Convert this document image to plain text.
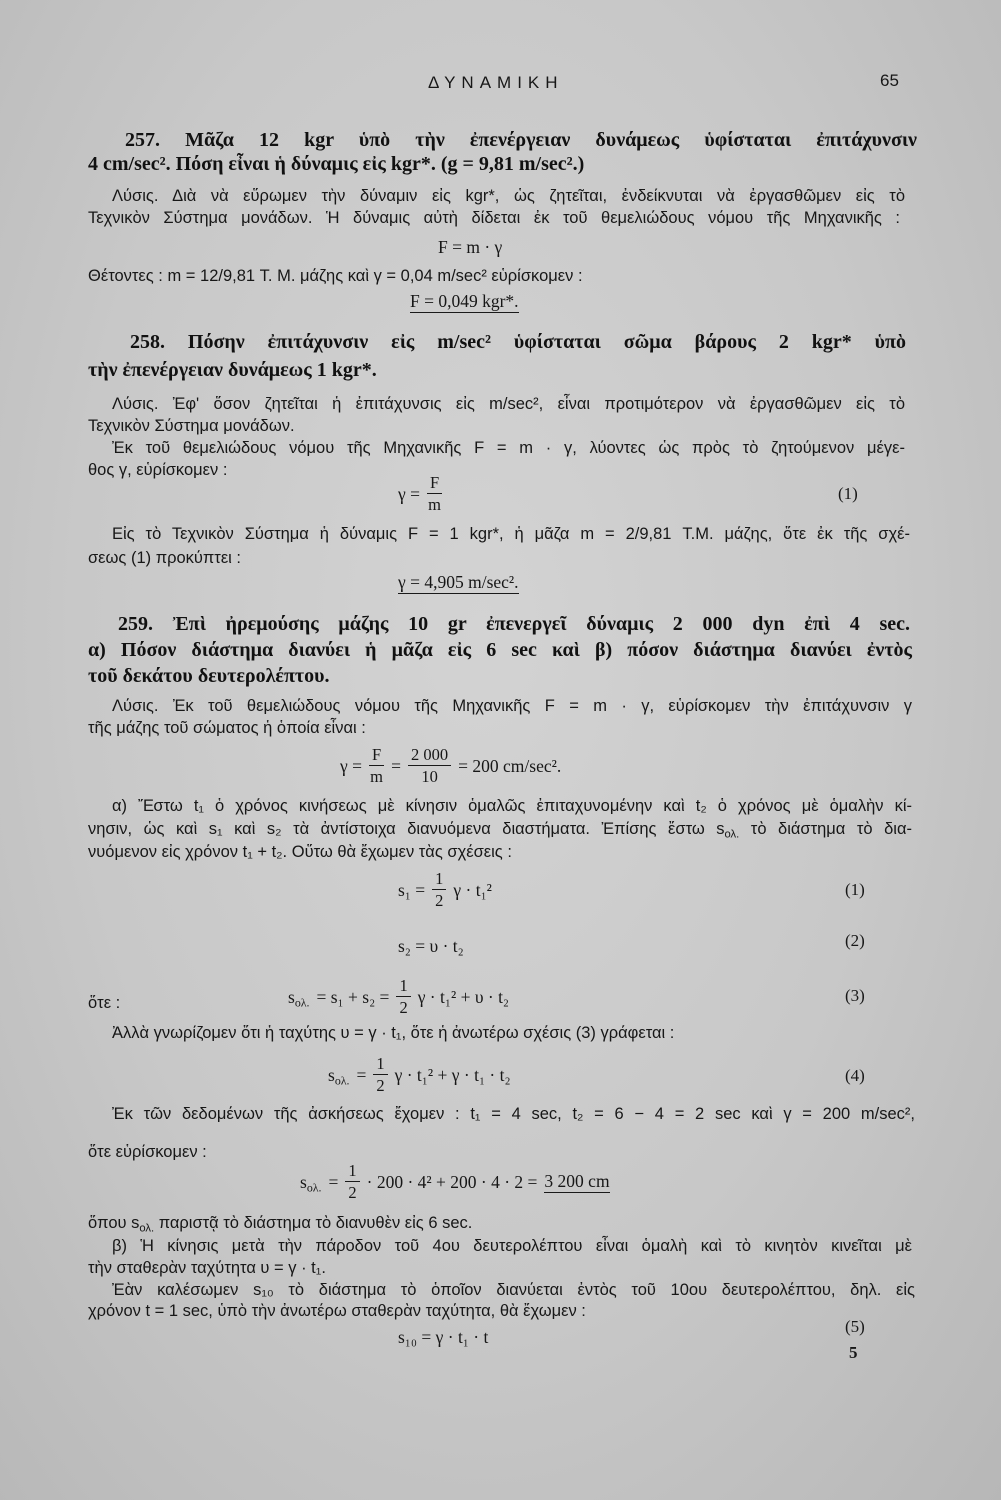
ΔΥΝΑΜΙΚΗ	65
257. Μᾶζα 12 kgr ὑπὸ τὴν ἐπενέργειαν δυνάμεως ὑφίσταται ἐπιτάχυνσιν
4 cm/sec². Πόση εἶναι ἡ δύναμις εἰς kgr*. (g = 9,81 m/sec².)
Λύσις. Διὰ νὰ εὕρωμεν τὴν δύναμιν εἰς kgr*, ὡς ζητεῖται, ἐνδείκνυται νὰ ἐργασθῶμεν εἰς τὸ
Τεχνικὸν Σύστημα μονάδων. Ἡ δύναμις αὐτὴ δίδεται ἐκ τοῦ θεμελιώδους νόμου τῆς Μηχανικῆς :
F = m · γ
Θέτοντες : m = 12/9,81 Τ. Μ. μάζης καὶ γ = 0,04 m/sec² εὑρίσκομεν :
F = 0,049 kgr*.
258. Πόσην ἐπιτάχυνσιν εἰς m/sec² ὑφίσταται σῶμα βάρους 2 kgr* ὑπὸ
τὴν ἐπενέργειαν δυνάμεως 1 kgr*.
Λύσις. Ἐφ' ὅσον ζητεῖται ἡ ἐπιτάχυνσις εἰς m/sec², εἶναι προτιμότερον νὰ ἐργασθῶμεν εἰς τὸ
Τεχνικὸν Σύστημα μονάδων.
Ἐκ τοῦ θεμελιώδους νόμου τῆς Μηχανικῆς F = m · γ, λύοντες ὡς πρὸς τὸ ζητούμενον μέγε-
θος γ, εὑρίσκομεν :
$\gamma = \frac{F}{m}$	(1)
Εἰς τὸ Τεχνικὸν Σύστημα ἡ δύναμις F = 1 kgr*, ἡ μᾶζα m = 2/9,81 Τ.Μ. μάζης, ὅτε ἐκ τῆς σχέ-
σεως (1) προκύπτει :
γ = 4,905 m/sec².
259. Ἐπὶ ἠρεμούσης μάζης 10 gr ἐπενεργεῖ δύναμις 2 000 dyn ἐπὶ 4 sec.
α) Πόσον διάστημα διανύει ἡ μᾶζα εἰς 6 sec καὶ β) πόσον διάστημα διανύει ἐντὸς
τοῦ δεκάτου δευτερολέπτου.
Λύσις. Ἐκ τοῦ θεμελιώδους νόμου τῆς Μηχανικῆς F = m · γ, εὑρίσκομεν τὴν ἐπιτάχυνσιν γ
τῆς μάζης τοῦ σώματος ἡ ὁποία εἶναι :
$\gamma = \frac{F}{m} = \frac{2 000}{10} = 200$ cm/sec².
α) Ἔστω t₁ ὁ χρόνος κινήσεως μὲ κίνησιν ὁμαλῶς ἐπιταχυνομένην καὶ t₂ ὁ χρόνος μὲ ὁμαλὴν κί-
νησιν, ὡς καὶ s₁ καὶ s₂ τὰ ἀντίστοιχα διανυόμενα διαστήματα. Ἐπίσης ἔστω $s_{o\lambda.}$ τὸ διάστημα τὸ δια-
νυόμενον εἰς χρόνον t₁ + t₂. Οὕτω θὰ ἔχωμεν τὰς σχέσεις :
$s_1 = \frac{1}{2}$ γ · t₁²	(1)
s₂ = υ · t₂	(2)
ὅτε :	$s_{o\lambda.} = s_1 + s_2 = \frac{1}{2}$ γ · t₁² + υ · t₂	(3)
Ἀλλὰ γνωρίζομεν ὅτι ἡ ταχύτης υ = γ · t₁, ὅτε ἡ ἀνωτέρω σχέσις (3) γράφεται :
$s_{o\lambda.} = \frac{1}{2}$ γ · t₁² + γ · t₁ · t₂	(4)
Ἐκ τῶν δεδομένων τῆς ἀσκήσεως ἔχομεν : t₁ = 4 sec, t₂ = 6 − 4 = 2 sec καὶ γ = 200 m/sec²,
ὅτε εὑρίσκομεν :
$s_{o\lambda.} = \frac{1}{2} \cdot 200 \cdot 4^2 + 200 \cdot 4 \cdot 2 = 3$ 200 cm
ὅπου $s_{o\lambda.}$ παριστᾷ τὸ διάστημα τὸ διανυθὲν εἰς 6 sec.
β) Ἡ κίνησις μετὰ τὴν πάροδον τοῦ 4ου δευτερολέπτου εἶναι ὁμαλὴ καὶ τὸ κινητὸν κινεῖται μὲ
τὴν σταθερὰν ταχύτητα υ = γ · t₁.
Ἐὰν καλέσωμεν s₁₀ τὸ διάστημα τὸ ὁποῖον διανύεται ἐντὸς τοῦ 10ου δευτερολέπτου, δηλ. εἰς
χρόνον t = 1 sec, ὑπὸ τὴν ἀνωτέρω σταθερὰν ταχύτητα, θὰ ἔχωμεν :
s₁₀ = γ · t₁ · t
(5)
5
